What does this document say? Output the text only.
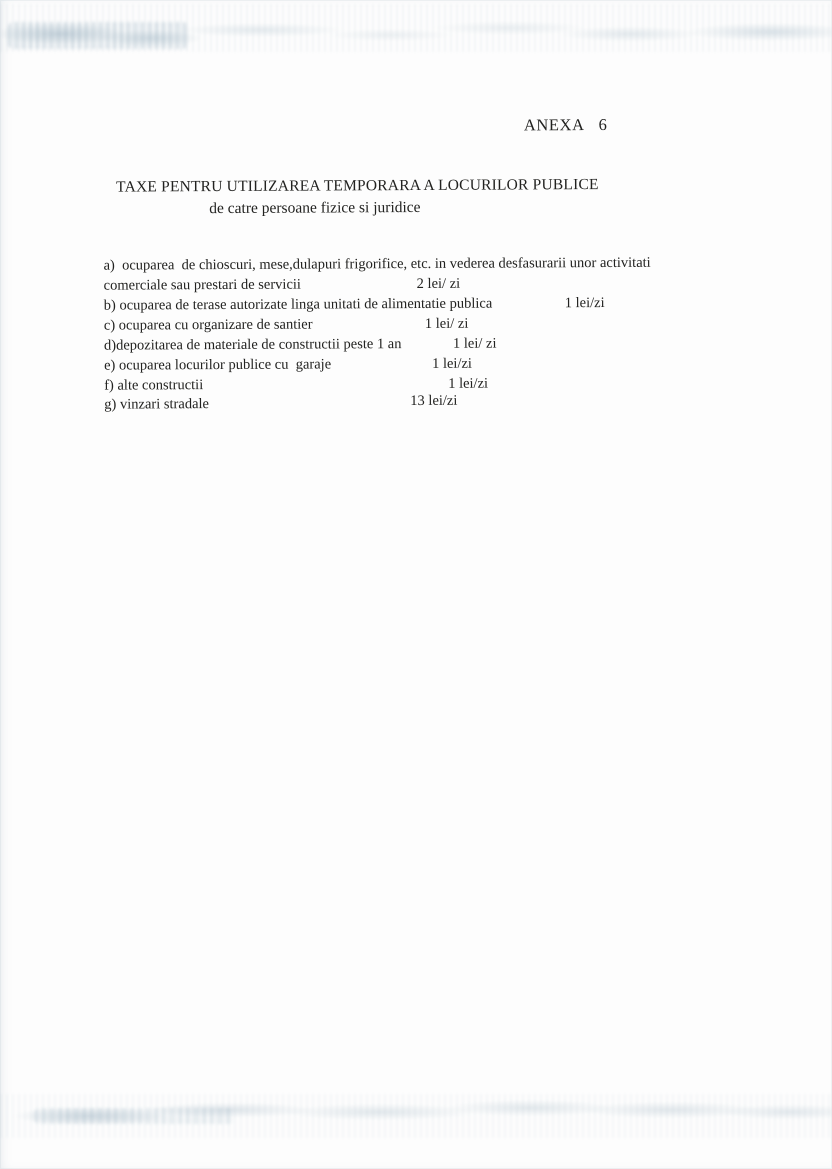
ANEXA 6
TAXE PENTRU UTILIZAREA TEMPORARA A LOCURILOR PUBLICE
de catre persoane fizice si juridice
a)  ocuparea  de chioscuri, mese,dulapuri frigorifice, etc. in vederea desfasurarii unor activitati
comerciale sau prestari de servicii	2 lei/ zi
b) ocuparea de terase autorizate linga unitati de alimentatie publica	1 lei/zi
c) ocuparea cu organizare de santier	1 lei/ zi
d)depozitarea de materiale de constructii peste 1 an	1 lei/ zi
e) ocuparea locurilor publice cu  garaje	1 lei/zi
f) alte constructii	1 lei/zi
g) vinzari stradale	13 lei/zi
